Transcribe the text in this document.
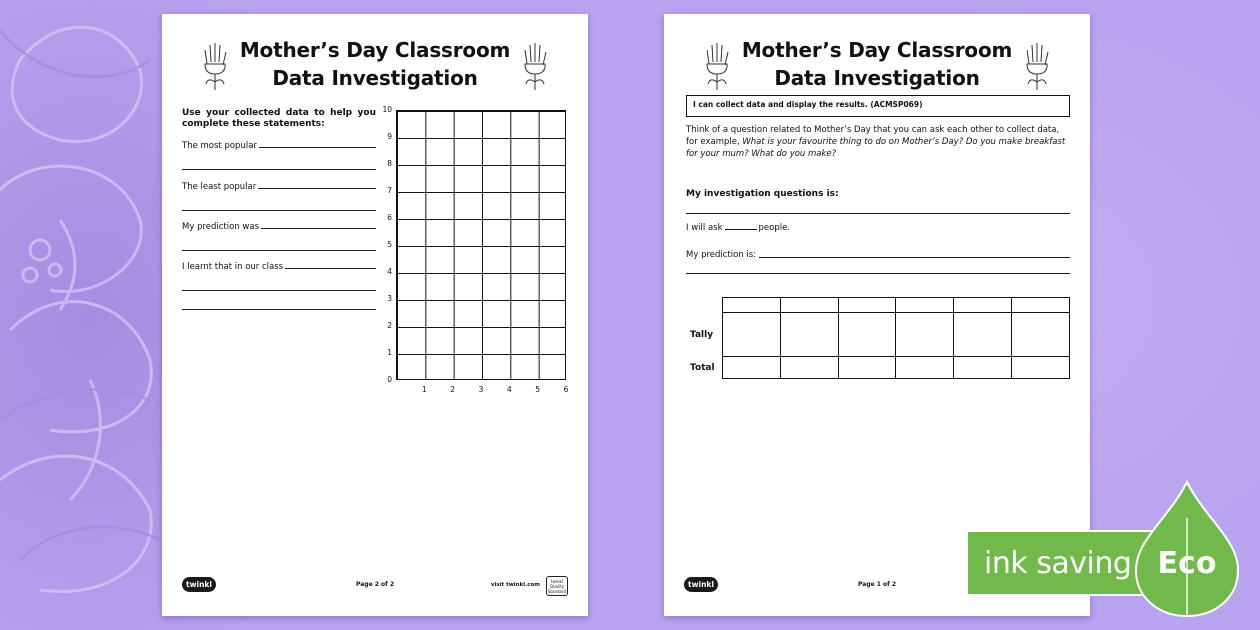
Mother’s Day Classroom
Data Investigation
Use your collected data to help you complete these statements:
The most popular
The least popular
My prediction was
I learnt that in our class
10
9
8
7
6
5
4
3
2
1
0
1	2	3	4	5	6
twinkl	Page 2 of 2	visit twinkl.com
twinkl Quality Standard
Mother’s Day Classroom
Data Investigation
I can collect data and display the results. (ACMSP069)
Think of a question related to Mother’s Day that you can ask each other to collect data, for example, What is your favourite thing to do on Mother’s Day? Do you make breakfast for your mum? What do you make?
My investigation questions is:
I will ask	people.
My prediction is:

Tally
Total
twinkl	Page 1 of 2
ink saving Eco
